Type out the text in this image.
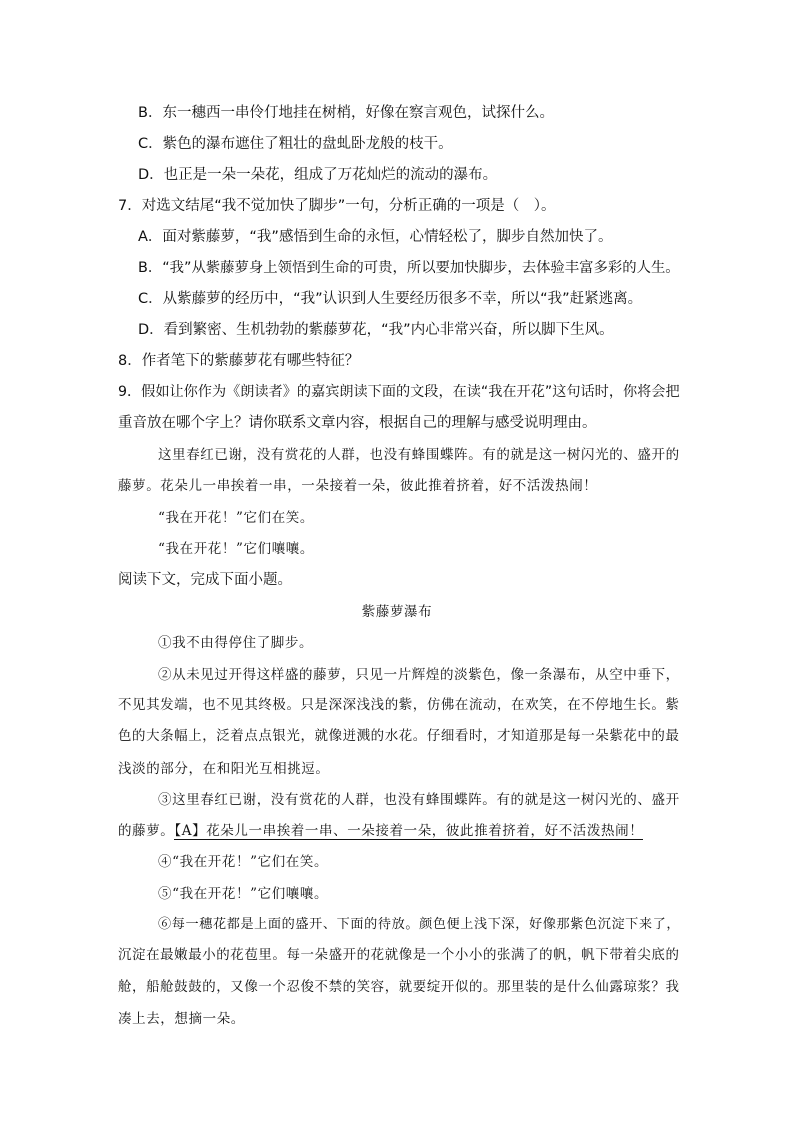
B．东一穗西一串伶仃地挂在树梢，好像在察言观色，试探什么。
C．紫色的瀑布遮住了粗壮的盘虬卧龙般的枝干。
D．也正是一朵一朵花，组成了万花灿烂的流动的瀑布。
7．对选文结尾“我不觉加快了脚步”一句，分析正确的一项是（　）。
A．面对紫藤萝，“我”感悟到生命的永恒，心情轻松了，脚步自然加快了。
B．“我”从紫藤萝身上领悟到生命的可贵，所以要加快脚步，去体验丰富多彩的人生。
C．从紫藤萝的经历中，“我”认识到人生要经历很多不幸，所以“我”赶紧逃离。
D．看到繁密、生机勃勃的紫藤萝花，“我”内心非常兴奋，所以脚下生风。
8．作者笔下的紫藤萝花有哪些特征？
9．假如让你作为《朗读者》的嘉宾朗读下面的文段，在读“我在开花”这句话时，你将会把
重音放在哪个字上？请你联系文章内容，根据自己的理解与感受说明理由。
这里春红已谢，没有赏花的人群，也没有蜂围蝶阵。有的就是这一树闪光的、盛开的
藤萝。花朵儿一串挨着一串，一朵接着一朵，彼此推着挤着，好不活泼热闹！
“我在开花！”它们在笑。
“我在开花！”它们嚷嚷。
阅读下文，完成下面小题。
紫藤萝瀑布
①我不由得停住了脚步。
②从未见过开得这样盛的藤萝，只见一片辉煌的淡紫色，像一条瀑布，从空中垂下，
不见其发端，也不见其终极。只是深深浅浅的紫，仿佛在流动，在欢笑，在不停地生长。紫
色的大条幅上，泛着点点银光，就像迸溅的水花。仔细看时，才知道那是每一朵紫花中的最
浅淡的部分，在和阳光互相挑逗。
③这里春红已谢，没有赏花的人群，也没有蜂围蝶阵。有的就是这一树闪光的、盛开
的藤萝。【A】花朵儿一串挨着一串、一朵接着一朵，彼此推着挤着，好不活泼热闹！
④“我在开花！”它们在笑。
⑤“我在开花！”它们嚷嚷。
⑥每一穗花都是上面的盛开、下面的待放。颜色便上浅下深，好像那紫色沉淀下来了，
沉淀在最嫩最小的花苞里。每一朵盛开的花就像是一个小小的张满了的帆，帆下带着尖底的
舱，船舱鼓鼓的，又像一个忍俊不禁的笑容，就要绽开似的。那里装的是什么仙露琼浆？我
凑上去，想摘一朵。
